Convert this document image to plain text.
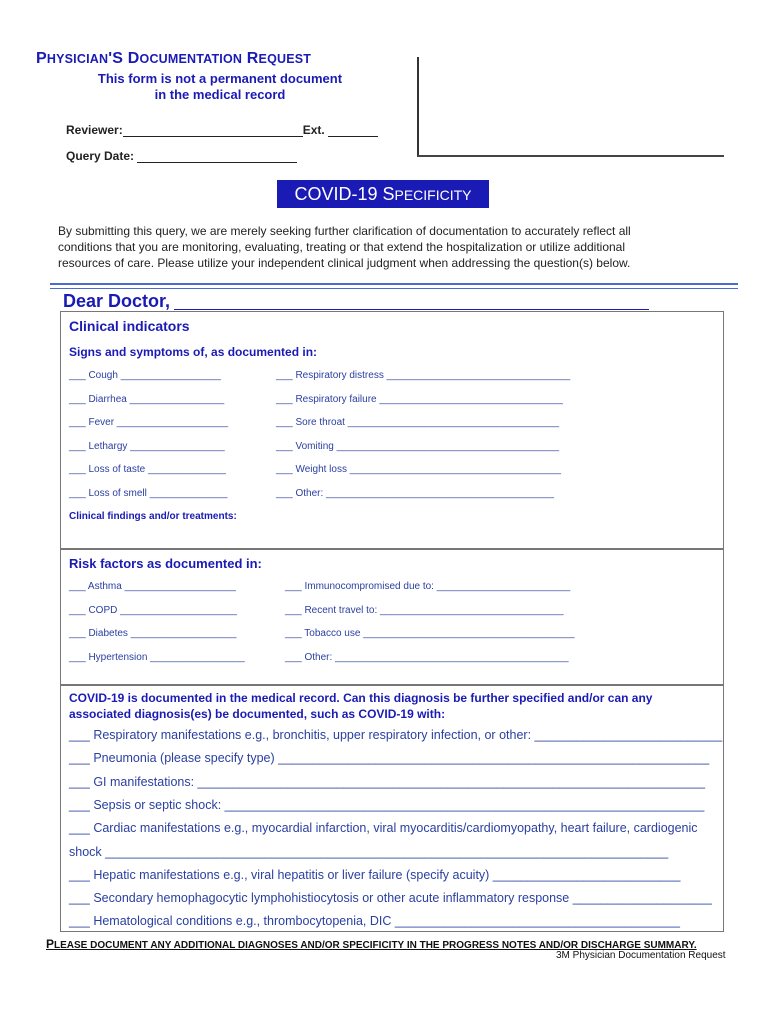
PHYSICIAN'S DOCUMENTATION REQUEST
This form is not a permanent document
in the medical record
Reviewer:	Ext.
Query Date:
COVID-19 SPECIFICITY
By submitting this query, we are merely seeking further clarification of documentation to accurately reflect all conditions that you are monitoring, evaluating, treating or that extend the hospitalization or utilize additional resources of care. Please utilize your independent clinical judgment when addressing the question(s) below.
Dear Doctor,
Clinical indicators
Signs and symptoms of, as documented in:
___ Cough __________________
___ Diarrhea _________________
___ Fever ____________________
___ Lethargy _________________
___ Loss of taste ______________
___ Loss of smell ______________
___ Respiratory distress _________________________________
___ Respiratory failure _________________________________
___ Sore throat ______________________________________
___ Vomiting ________________________________________
___ Weight loss ______________________________________
___ Other: _________________________________________
Clinical findings and/or treatments:
Risk factors as documented in:
___ Asthma ____________________
___ COPD _____________________
___ Diabetes ___________________
___ Hypertension _________________
___ Immunocompromised due to: ________________________
___ Recent travel to: _________________________________
___ Tobacco use ______________________________________
___ Other: __________________________________________
COVID-19 is documented in the medical record. Can this diagnosis be further specified and/or can any associated diagnosis(es) be documented, such as COVID-19 with:
___ Respiratory manifestations e.g., bronchitis, upper respiratory infection, or other: ___________________________
___ Pneumonia (please specify type) ______________________________________________________________
___ GI manifestations: _________________________________________________________________________
___ Sepsis or septic shock: _____________________________________________________________________
___ Cardiac manifestations e.g., myocardial infarction, viral myocarditis/cardiomyopathy, heart failure, cardiogenic
shock _________________________________________________________________________________
___ Hepatic manifestations e.g., viral hepatitis or liver failure (specify acuity) ___________________________
___ Secondary hemophagocytic lymphohistiocytosis or other acute inflammatory response ____________________
___ Hematological conditions e.g., thrombocytopenia, DIC _________________________________________
PLEASE DOCUMENT ANY ADDITIONAL DIAGNOSES AND/OR SPECIFICITY IN THE PROGRESS NOTES AND/OR DISCHARGE SUMMARY.
3M Physician Documentation Request
